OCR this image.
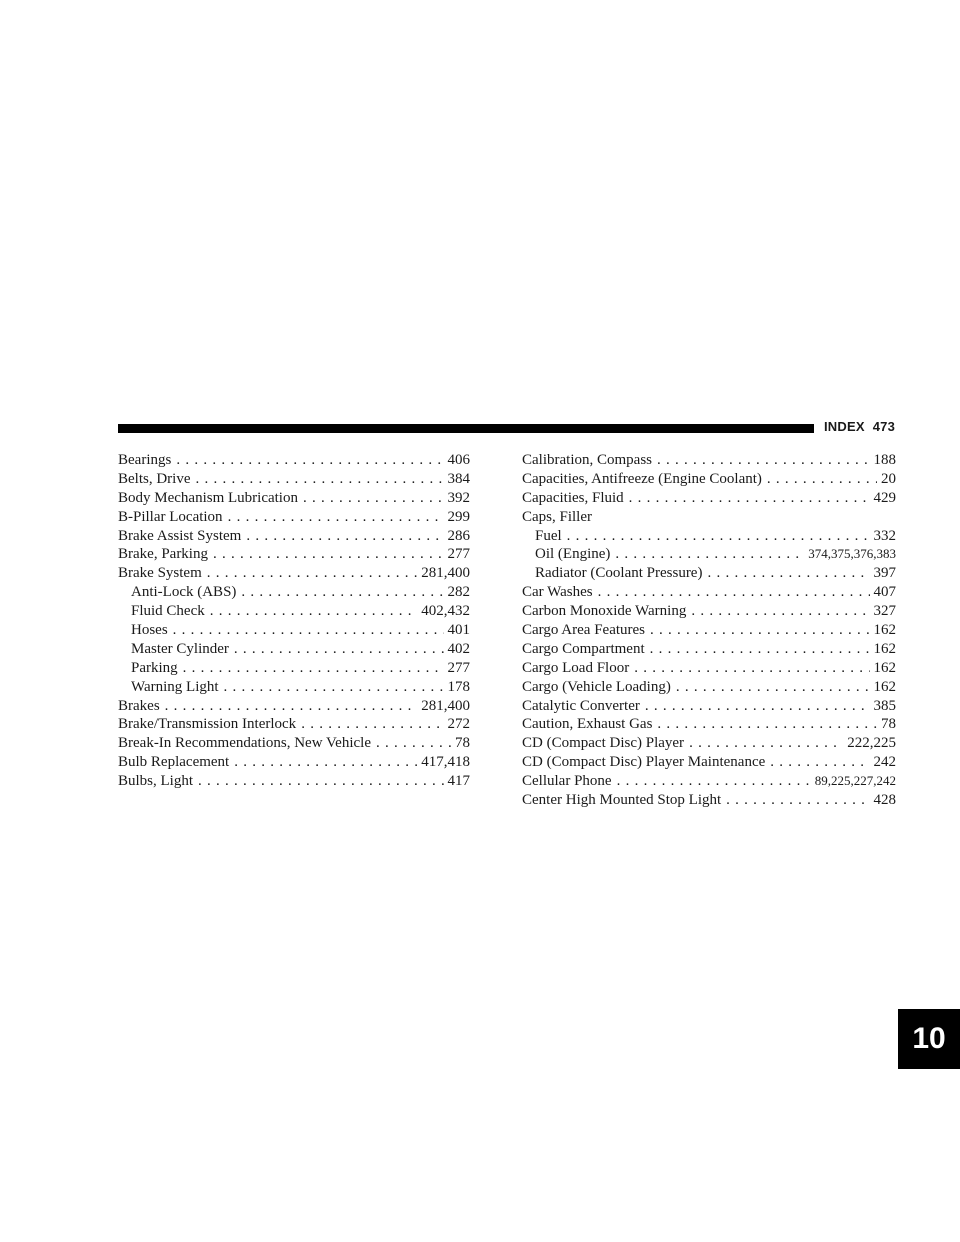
INDEX 473
Bearings . . .	406
Belts, Drive . . .	384
Body Mechanism Lubrication . . .	392
B-Pillar Location . . .	299
Brake Assist System . . .	286
Brake, Parking . . .	277
Brake System . . .	281,400
Anti-Lock (ABS) . . .	282
Fluid Check . . .	402,432
Hoses . . .	401
Master Cylinder . . .	402
Parking . . .	277
Warning Light . . .	178
Brakes . . .	281,400
Brake/Transmission Interlock . . .	272
Break-In Recommendations, New Vehicle . . .	78
Bulb Replacement . . .	417,418
Bulbs, Light . . .	417
Calibration, Compass . . .	188
Capacities, Antifreeze (Engine Coolant) . . .	20
Capacities, Fluid . . .	429
Caps, Filler
Fuel . . .	332
Oil (Engine) . . .	374,375,376,383
Radiator (Coolant Pressure) . . .	397
Car Washes . . .	407
Carbon Monoxide Warning . . .	327
Cargo Area Features . . .	162
Cargo Compartment . . .	162
Cargo Load Floor . . .	162
Cargo (Vehicle Loading) . . .	162
Catalytic Converter . . .	385
Caution, Exhaust Gas . . .	78
CD (Compact Disc) Player . . .	222,225
CD (Compact Disc) Player Maintenance . . .	242
Cellular Phone . . .	89,225,227,242
Center High Mounted Stop Light . . .	428
10
